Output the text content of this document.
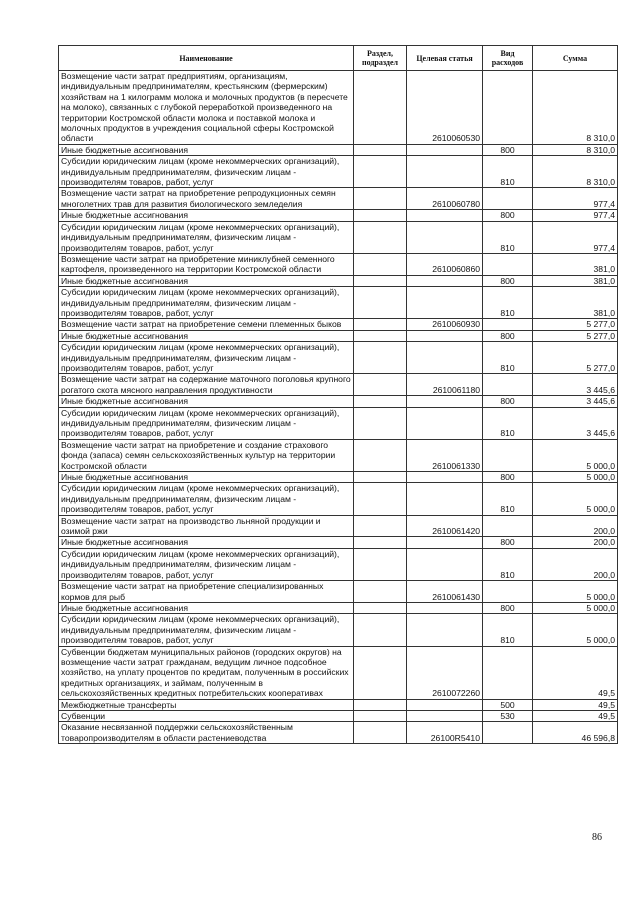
Наименование	Раздел, подраздел	Целевая статья	Вид расходов	Сумма
Возмещение части затрат предприятиям, организациям, индивидуальным предпринимателям, крестьянским (фермерским) хозяйствам на 1 килограмм молока и молочных продуктов (в пересчете на молоко), связанных с глубокой переработкой произведенного на территории Костромской области молока и поставкой молока и молочных продуктов в учреждения социальной сферы Костромской области		2610060530		8 310,0
Иные бюджетные ассигнования			800	8 310,0
Субсидии юридическим лицам (кроме некоммерческих организаций), индивидуальным предпринимателям, физическим лицам - производителям товаров, работ, услуг			810	8 310,0
Возмещение части затрат на приобретение репродукционных семян многолетних трав для развития биологического земледелия		2610060780		977,4
Иные бюджетные ассигнования			800	977,4
Субсидии юридическим лицам (кроме некоммерческих организаций), индивидуальным предпринимателям, физическим лицам - производителям товаров, работ, услуг			810	977,4
Возмещение части затрат на приобретение миниклубней семенного картофеля, произведенного на территории Костромской области		2610060860		381,0
Иные бюджетные ассигнования			800	381,0
Субсидии юридическим лицам (кроме некоммерческих организаций), индивидуальным предпринимателям, физическим лицам - производителям товаров, работ, услуг			810	381,0
Возмещение части затрат на приобретение семени племенных быков		2610060930		5 277,0
Иные бюджетные ассигнования			800	5 277,0
Субсидии юридическим лицам (кроме некоммерческих организаций), индивидуальным предпринимателям, физическим лицам - производителям товаров, работ, услуг			810	5 277,0
Возмещение части затрат на содержание маточного поголовья крупного рогатого скота мясного направления продуктивности		2610061180		3 445,6
Иные бюджетные ассигнования			800	3 445,6
Субсидии юридическим лицам (кроме некоммерческих организаций), индивидуальным предпринимателям, физическим лицам - производителям товаров, работ, услуг			810	3 445,6
Возмещение части затрат на приобретение и создание страхового фонда (запаса) семян сельскохозяйственных культур на территории Костромской области		2610061330		5 000,0
Иные бюджетные ассигнования			800	5 000,0
Субсидии юридическим лицам (кроме некоммерческих организаций), индивидуальным предпринимателям, физическим лицам - производителям товаров, работ, услуг			810	5 000,0
Возмещение части затрат на производство льняной продукции и озимой ржи		2610061420		200,0
Иные бюджетные ассигнования			800	200,0
Субсидии юридическим лицам (кроме некоммерческих организаций), индивидуальным предпринимателям, физическим лицам - производителям товаров, работ, услуг			810	200,0
Возмещение части затрат на приобретение специализированных кормов для рыб		2610061430		5 000,0
Иные бюджетные ассигнования			800	5 000,0
Субсидии юридическим лицам (кроме некоммерческих организаций), индивидуальным предпринимателям, физическим лицам - производителям товаров, работ, услуг			810	5 000,0
Субвенции бюджетам муниципальных районов (городских округов) на возмещение части затрат гражданам, ведущим личное подсобное хозяйство, на уплату процентов по кредитам, полученным в российских кредитных организациях, и займам, полученным в сельскохозяйственных кредитных потребительских кооперативах		2610072260		49,5
Межбюджетные трансферты			500	49,5
Субвенции			530	49,5
Оказание несвязанной поддержки сельскохозяйственным товаропроизводителям в области растениеводства		26100R5410		46 596,8
86
